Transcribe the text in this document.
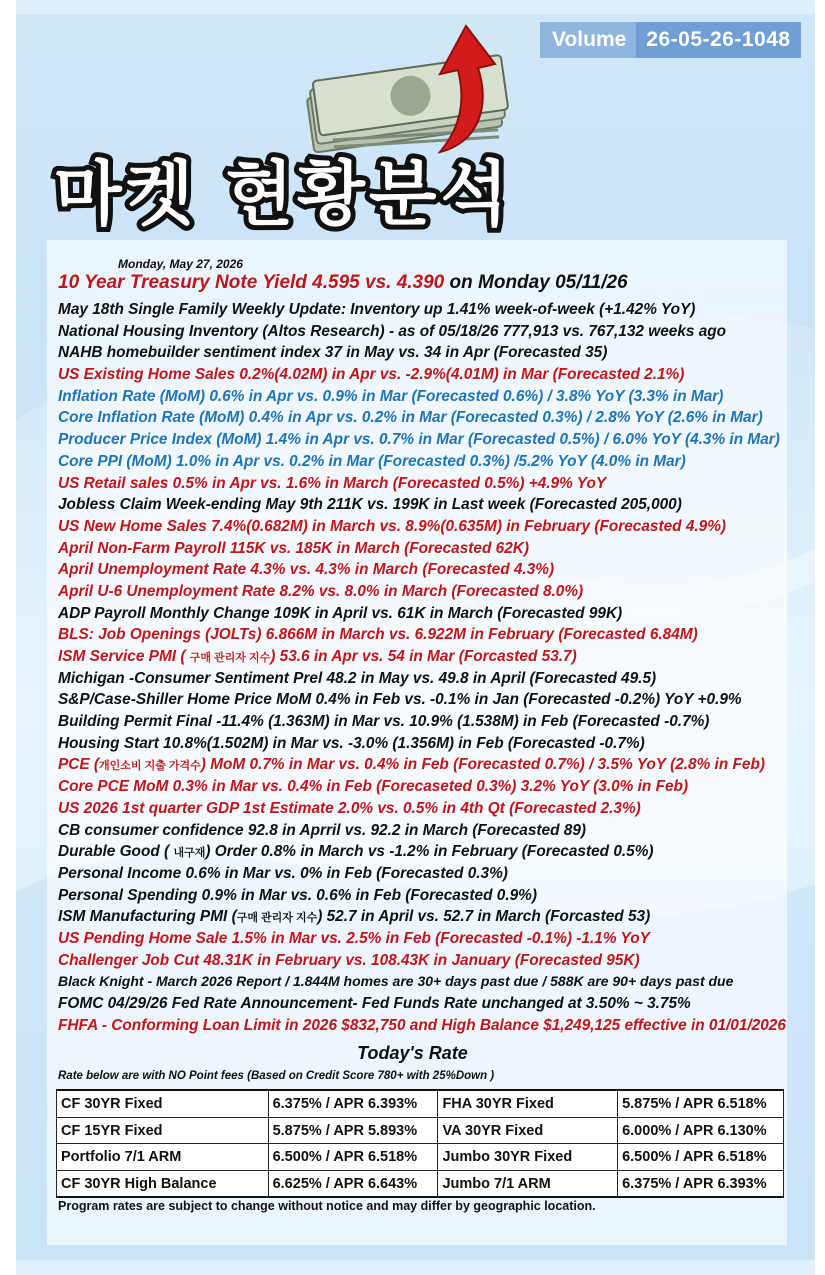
Volume 26-05-26-1048
마켓 현황분석
Monday, May 27, 2026
10 Year Treasury Note Yield 4.595 vs. 4.390 on Monday 05/11/26
May 18th Single Family Weekly Update: Inventory up 1.41% week-of-week (+1.42% YoY)
National Housing Inventory (Altos Research) - as of 05/18/26 777,913 vs. 767,132 weeks ago
NAHB homebuilder sentiment index 37 in May vs. 34 in Apr (Forecasted 35)
US Existing Home Sales 0.2%(4.02M) in Apr vs. -2.9%(4.01M) in Mar (Forecasted 2.1%)
Inflation Rate (MoM) 0.6% in Apr vs. 0.9% in Mar (Forecasted 0.6%) / 3.8% YoY (3.3% in Mar)
Core Inflation Rate (MoM) 0.4% in Apr vs. 0.2% in Mar (Forecasted 0.3%) / 2.8% YoY (2.6% in Mar)
Producer Price Index (MoM) 1.4% in Apr vs. 0.7% in Mar (Forecasted 0.5%) / 6.0% YoY (4.3% in Mar)
Core PPI (MoM) 1.0% in Apr vs. 0.2% in Mar (Forecasted 0.3%) /5.2% YoY (4.0% in Mar)
US Retail sales 0.5% in Apr vs. 1.6% in March (Forecasted 0.5%) +4.9% YoY
Jobless Claim Week-ending May 9th 211K vs. 199K in Last week (Forecasted 205,000)
US New Home Sales 7.4%(0.682M) in March vs. 8.9%(0.635M) in February (Forecasted 4.9%)
April Non-Farm Payroll 115K vs. 185K in March (Forecasted 62K)
April Unemployment Rate 4.3% vs. 4.3% in March (Forecasted 4.3%)
April U-6 Unemployment Rate 8.2% vs. 8.0% in March (Forecasted 8.0%)
ADP Payroll Monthly Change 109K in April vs. 61K in March (Forecasted 99K)
BLS: Job Openings (JOLTs) 6.866M in March vs. 6.922M in February (Forecasted 6.84M)
ISM Service PMI ( 구매 관리자 지수) 53.6 in Apr vs. 54 in Mar (Forcasted 53.7)
Michigan -Consumer Sentiment Prel 48.2 in May vs. 49.8 in April (Forecasted 49.5)
S&P/Case-Shiller Home Price MoM 0.4% in Feb vs. -0.1% in Jan (Forecasted -0.2%) YoY +0.9%
Building Permit Final -11.4% (1.363M) in Mar vs. 10.9% (1.538M) in Feb (Forecasted -0.7%)
Housing Start 10.8%(1.502M) in Mar vs. -3.0% (1.356M) in Feb (Forecasted -0.7%)
PCE (개인소비 지출 가격수) MoM 0.7% in Mar vs. 0.4% in Feb (Forecasted 0.7%) / 3.5% YoY (2.8% in Feb)
Core PCE MoM 0.3% in Mar vs. 0.4% in Feb (Forecaseted 0.3%) 3.2% YoY (3.0% in Feb)
US 2026 1st quarter GDP 1st Estimate 2.0% vs. 0.5% in 4th Qt (Forecasted 2.3%)
CB consumer confidence 92.8 in Aprril vs. 92.2 in March (Forecasted 89)
Durable Good ( 내구재) Order 0.8% in March vs -1.2% in February (Forecasted 0.5%)
Personal Income 0.6% in Mar vs. 0% in Feb (Forecasted 0.3%)
Personal Spending 0.9% in Mar vs. 0.6% in Feb (Forecasted 0.9%)
ISM Manufacturing PMI (구매 관리자 지수) 52.7 in April vs. 52.7 in March (Forcasted 53)
US Pending Home Sale 1.5% in Mar vs. 2.5% in Feb (Forecasted -0.1%) -1.1% YoY
Challenger Job Cut 48.31K in February vs. 108.43K in January (Forecasted 95K)
Black Knight - March 2026 Report / 1.844M homes are 30+ days past due / 588K are 90+ days past due
FOMC 04/29/26 Fed Rate Announcement- Fed Funds Rate unchanged at 3.50% ~ 3.75%
FHFA - Conforming Loan Limit in 2026 $832,750 and High Balance $1,249,125 effective in 01/01/2026
Today's Rate
Rate below are with NO Point fees (Based on Credit Score 780+ with 25%Down )
CF 30YR Fixed	6.375% / APR 6.393%	FHA 30YR Fixed	5.875% / APR 6.518%
CF 15YR Fixed	5.875% / APR 5.893%	VA 30YR Fixed	6.000% / APR 6.130%
Portfolio 7/1 ARM	6.500% / APR 6.518%	Jumbo 30YR Fixed	6.500% / APR 6.518%
CF 30YR High Balance	6.625% / APR 6.643%	Jumbo 7/1 ARM	6.375% / APR 6.393%
Program rates are subject to change without notice and may differ by geographic location.
